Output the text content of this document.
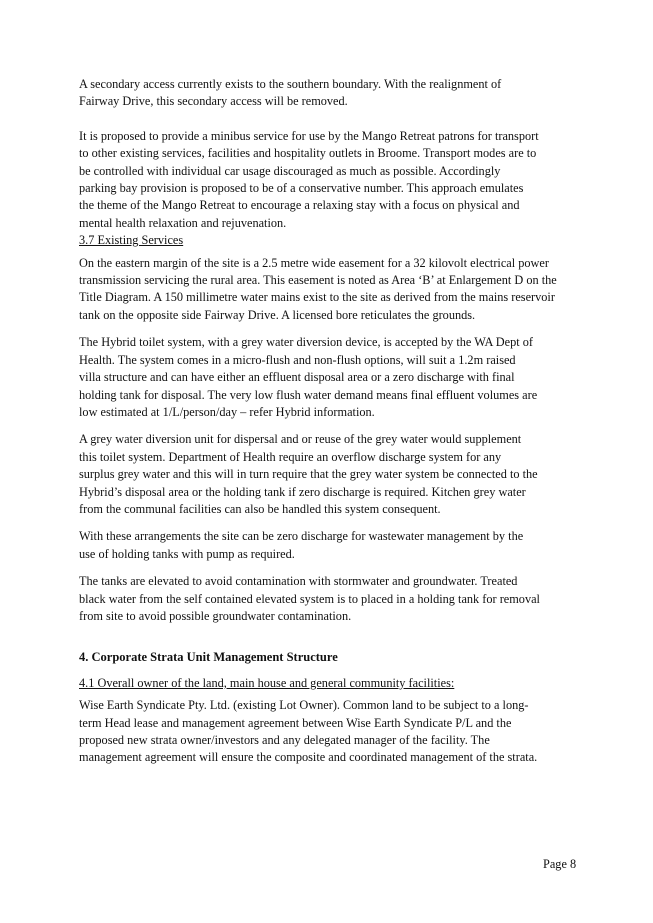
A secondary access currently exists to the southern boundary. With the realignment of
Fairway Drive, this secondary access will be removed.

It is proposed to provide a minibus service for use by the Mango Retreat patrons for transport
to other existing services, facilities and hospitality outlets in Broome. Transport modes are to
be controlled with individual car usage discouraged as much as possible. Accordingly
parking bay provision is proposed to be of a conservative number. This approach emulates
the theme of the Mango Retreat to encourage a relaxing stay with a focus on physical and
mental health relaxation and rejuvenation.

3.7 Existing Services

On the eastern margin of the site is a 2.5 metre wide easement for a 32 kilovolt electrical power
transmission servicing the rural area. This easement is noted as Area ‘B’ at Enlargement D on the
Title Diagram. A 150 millimetre water mains exist to the site as derived from the mains reservoir
tank on the opposite side Fairway Drive. A licensed bore reticulates the grounds.

The Hybrid toilet system, with a grey water diversion device, is accepted by the WA Dept of
Health. The system comes in a micro-flush and non-flush options, will suit a 1.2m raised
villa structure and can have either an effluent disposal area or a zero discharge with final
holding tank for disposal. The very low flush water demand means final effluent volumes are
low estimated at 1/L/person/day – refer Hybrid information.

A grey water diversion unit for dispersal and or reuse of the grey water would supplement
this toilet system. Department of Health require an overflow discharge system for any
surplus grey water and this will in turn require that the grey water system be connected to the
Hybrid’s disposal area or the holding tank if zero discharge is required. Kitchen grey water
from the communal facilities can also be handled this system consequent.

With these arrangements the site can be zero discharge for wastewater management by the
use of holding tanks with pump as required.

The tanks are elevated to avoid contamination with stormwater and groundwater. Treated
black water from the self contained elevated system is to placed in a holding tank for removal
from site to avoid possible groundwater contamination.

4. Corporate Strata Unit Management Structure

4.1 Overall owner of the land, main house and general community facilities:

Wise Earth Syndicate Pty. Ltd. (existing Lot Owner). Common land to be subject to a long-
term Head lease and management agreement between Wise Earth Syndicate P/L and the
proposed new strata owner/investors and any delegated manager of the facility. The
management agreement will ensure the composite and coordinated management of the strata.

Page 8
